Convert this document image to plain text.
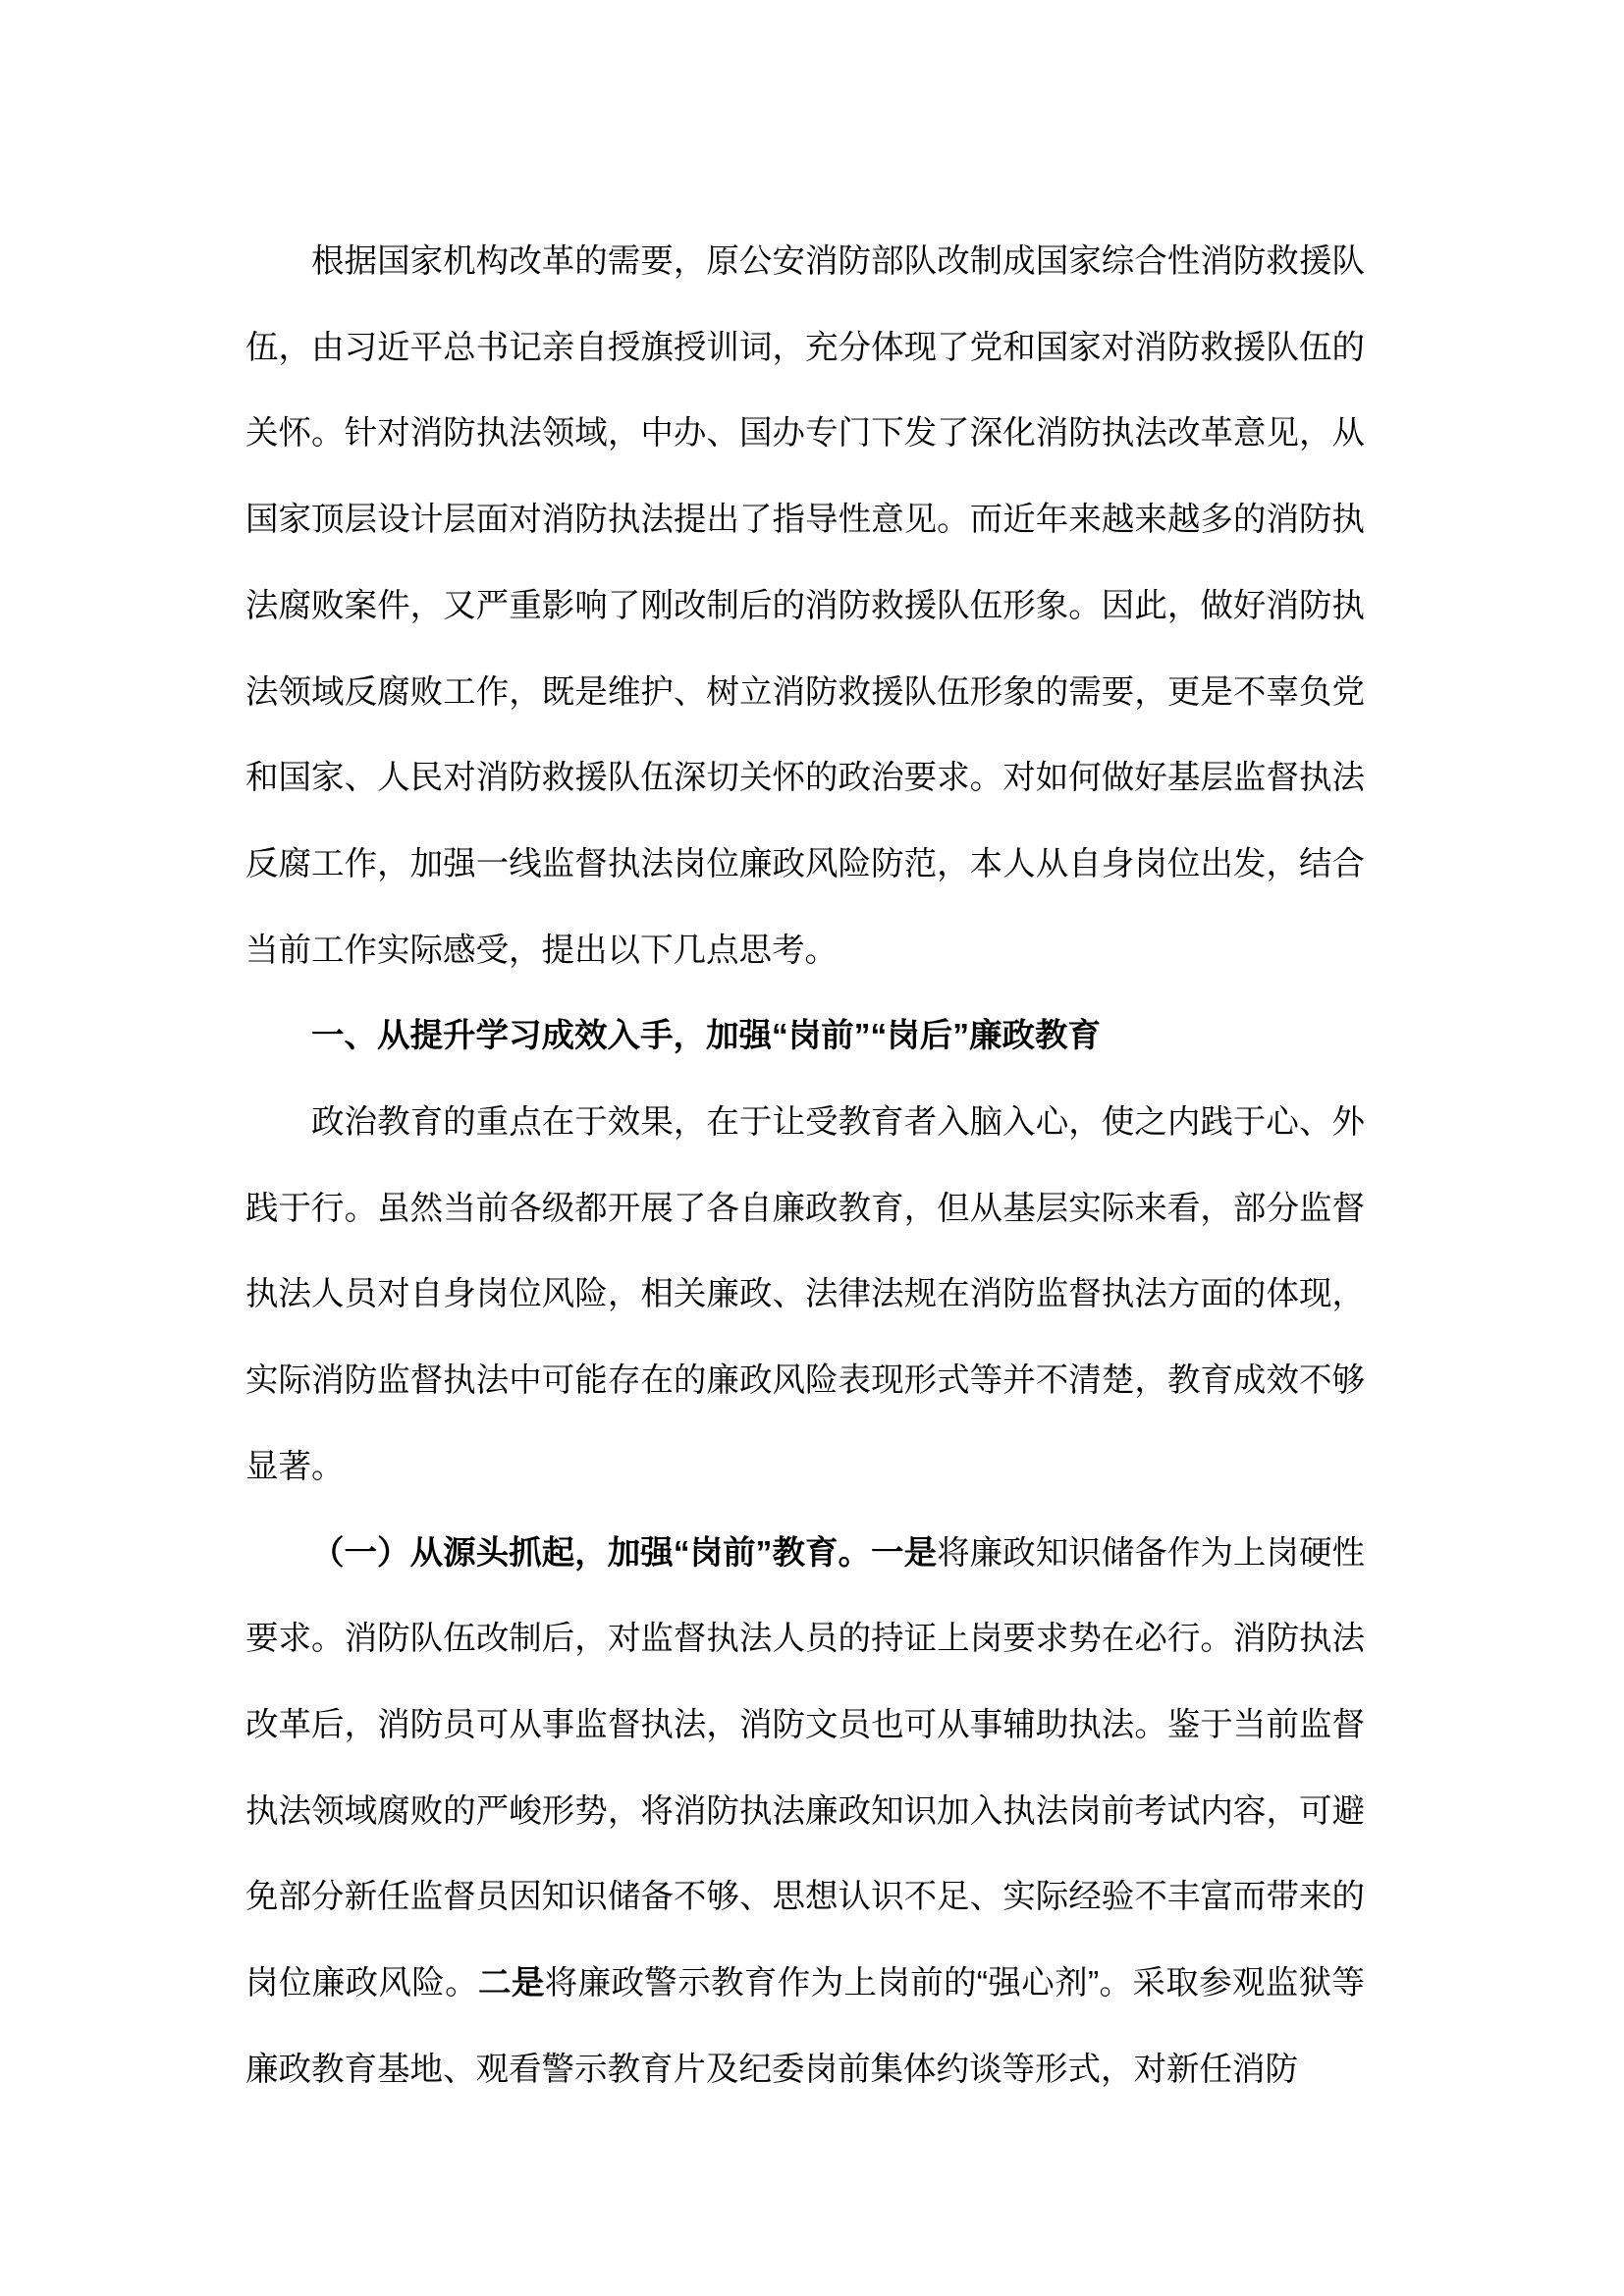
根据国家机构改革的需要，原公安消防部队改制成国家综合性消防救援队伍，由习近平总书记亲自授旗授训词，充分体现了党和国家对消防救援队伍的关怀。针对消防执法领域，中办、国办专门下发了深化消防执法改革意见，从国家顶层设计层面对消防执法提出了指导性意见。而近年来越来越多的消防执法腐败案件，又严重影响了刚改制后的消防救援队伍形象。因此，做好消防执法领域反腐败工作，既是维护、树立消防救援队伍形象的需要，更是不辜负党和国家、人民对消防救援队伍深切关怀的政治要求。对如何做好基层监督执法反腐工作，加强一线监督执法岗位廉政风险防范，本人从自身岗位出发，结合当前工作实际感受，提出以下几点思考。

一、从提升学习成效入手，加强“岗前”“岗后”廉政教育

政治教育的重点在于效果，在于让受教育者入脑入心，使之内践于心、外践于行。虽然当前各级都开展了各自廉政教育，但从基层实际来看，部分监督执法人员对自身岗位风险，相关廉政、法律法规在消防监督执法方面的体现，实际消防监督执法中可能存在的廉政风险表现形式等并不清楚，教育成效不够显著。

（一）从源头抓起，加强“岗前”教育。一是将廉政知识储备作为上岗硬性要求。消防队伍改制后，对监督执法人员的持证上岗要求势在必行。消防执法改革后，消防员可从事监督执法，消防文员也可从事辅助执法。鉴于当前监督执法领域腐败的严峻形势，将消防执法廉政知识加入执法岗前考试内容，可避免部分新任监督员因知识储备不够、思想认识不足、实际经验不丰富而带来的岗位廉政风险。二是将廉政警示教育作为上岗前的“强心剂”。采取参观监狱等廉政教育基地、观看警示教育片及纪委岗前集体约谈等形式，对新任消防
